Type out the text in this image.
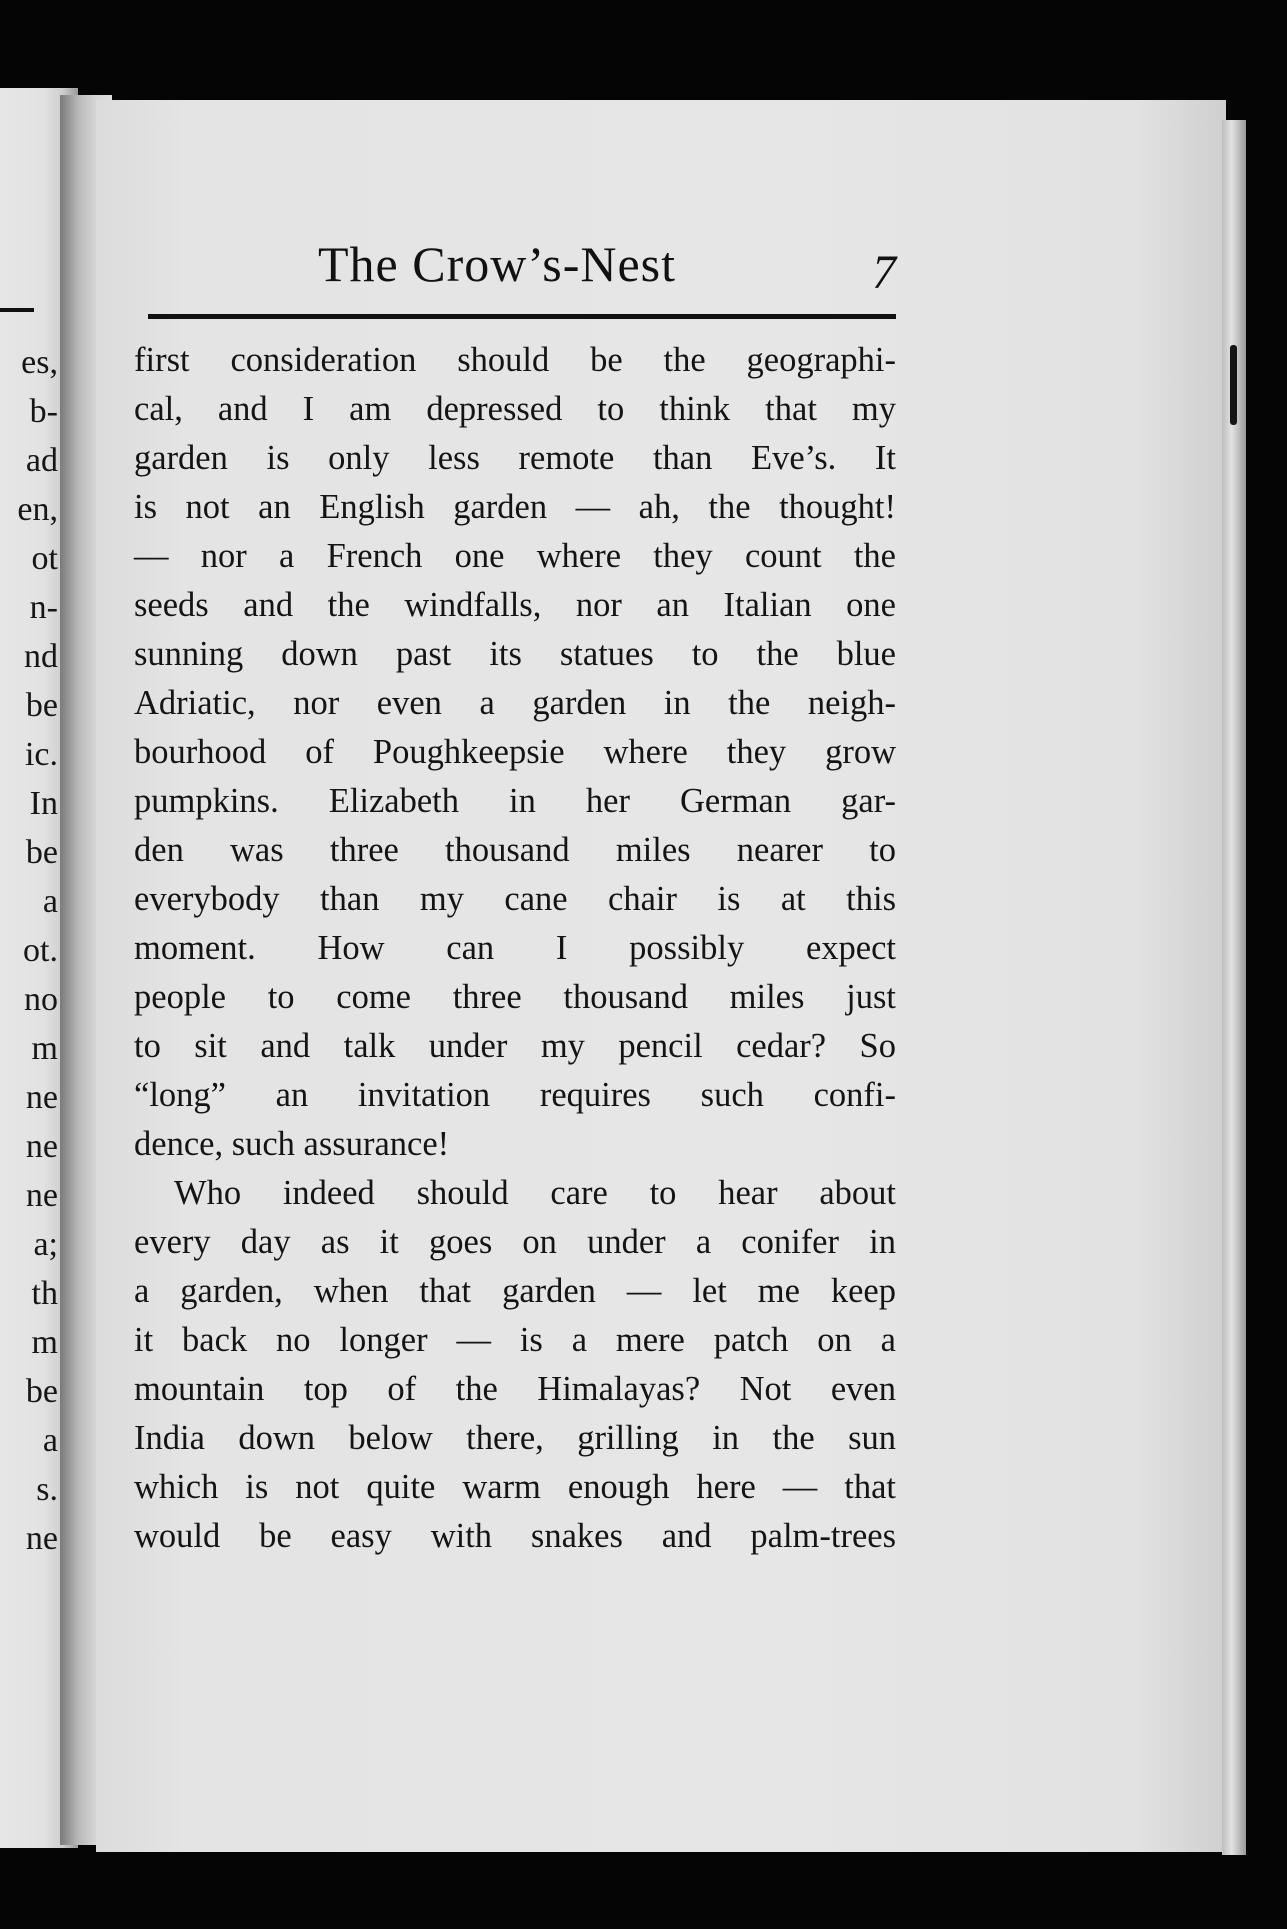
es,
b-
ad
en,
ot
n-
nd
be
ic.
In
be
a
ot.
no
m
ne
ne
ne
a;
th
m
be
a
s.
ne
The Crow’s-Nest	7
first consideration should be the geographi-
cal, and I am depressed to think that my
garden is only less remote than Eve’s. It
is not an English garden — ah, the thought!
— nor a French one where they count the
seeds and the windfalls, nor an Italian one
sunning down past its statues to the blue
Adriatic, nor even a garden in the neigh-
bourhood of Poughkeepsie where they grow
pumpkins. Elizabeth in her German gar-
den was three thousand miles nearer to
everybody than my cane chair is at this
moment. How can I possibly expect
people to come three thousand miles just
to sit and talk under my pencil cedar? So
“long” an invitation requires such confi-
dence, such assurance!
Who indeed should care to hear about
every day as it goes on under a conifer in
a garden, when that garden — let me keep
it back no longer — is a mere patch on a
mountain top of the Himalayas? Not even
India down below there, grilling in the sun
which is not quite warm enough here — that
would be easy with snakes and palm-trees
